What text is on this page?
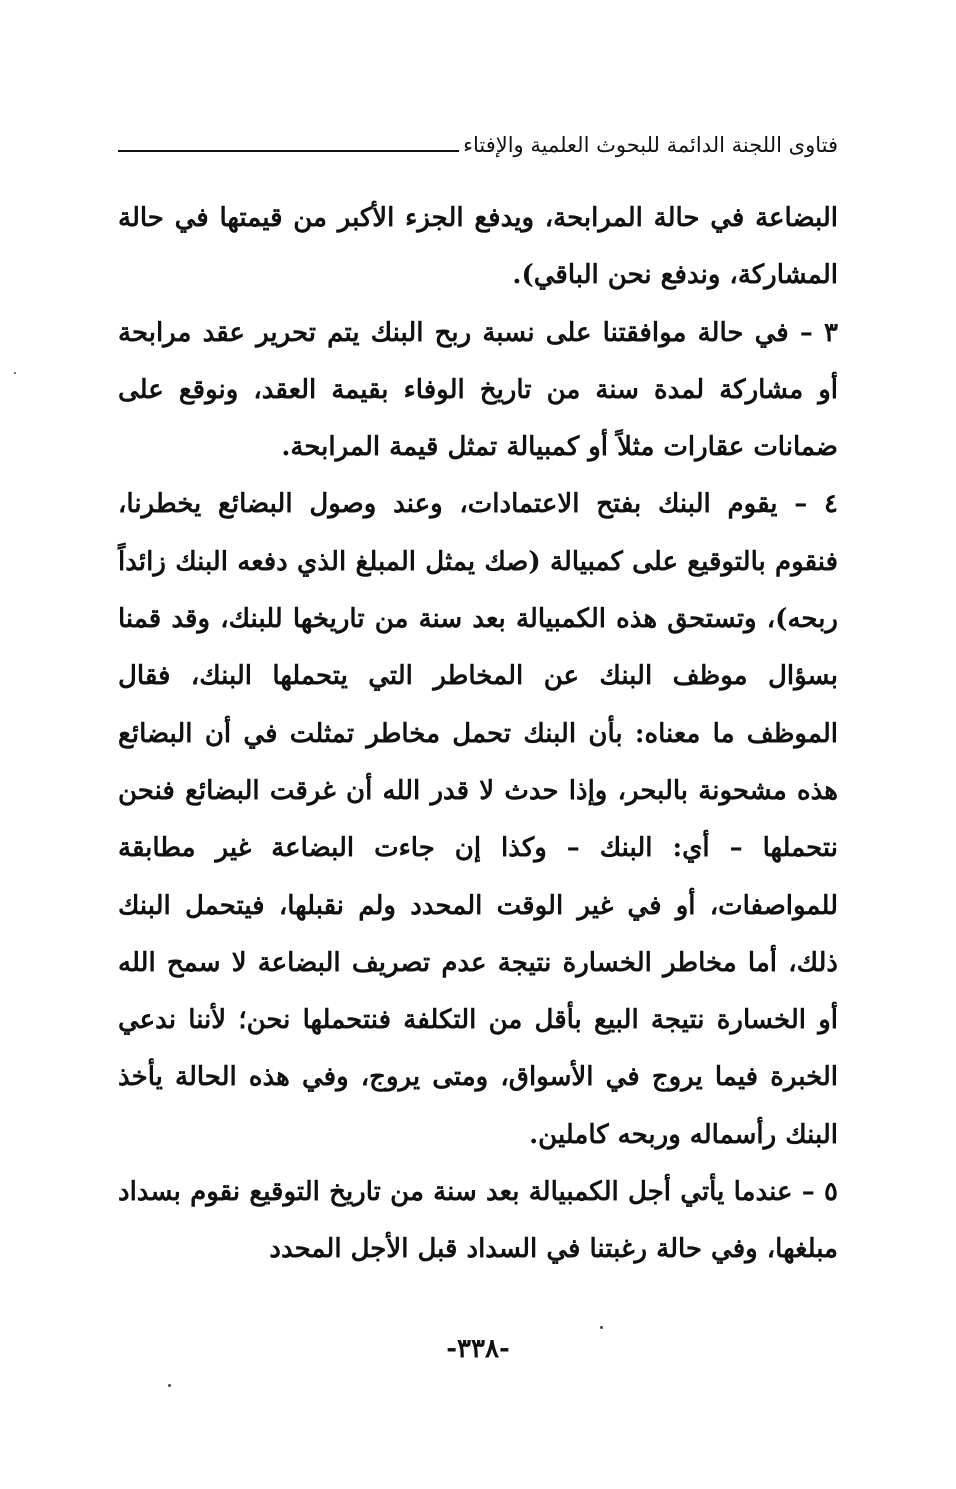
فتاوى اللجنة الدائمة للبحوث العلمية والإفتاء

البضاعة في حالة المرابحة، ويدفع الجزء الأكبر من قيمتها في حالة المشاركة، وندفع نحن الباقي).

٣ – في حالة موافقتنا على نسبة ربح البنك يتم تحرير عقد مرابحة أو مشاركة لمدة سنة من تاريخ الوفاء بقيمة العقد، ونوقع على ضمانات عقارات مثلاً أو كمبيالة تمثل قيمة المرابحة.

٤ – يقوم البنك بفتح الاعتمادات، وعند وصول البضائع يخطرنا، فنقوم بالتوقيع على كمبيالة (صك يمثل المبلغ الذي دفعه البنك زائداً ربحه)، وتستحق هذه الكمبيالة بعد سنة من تاريخها للبنك، وقد قمنا بسؤال موظف البنك عن المخاطر التي يتحملها البنك، فقال الموظف ما معناه: بأن البنك تحمل مخاطر تمثلت في أن البضائع هذه مشحونة بالبحر، وإذا حدث لا قدر الله أن غرقت البضائع فنحن نتحملها – أي: البنك – وكذا إن جاءت البضاعة غير مطابقة للمواصفات، أو في غير الوقت المحدد ولم نقبلها، فيتحمل البنك ذلك، أما مخاطر الخسارة نتيجة عدم تصريف البضاعة لا سمح الله أو الخسارة نتيجة البيع بأقل من التكلفة فنتحملها نحن؛ لأننا ندعي الخبرة فيما يروج في الأسواق، ومتى يروج، وفي هذه الحالة يأخذ البنك رأسماله وربحه كاملين.

٥ – عندما يأتي أجل الكمبيالة بعد سنة من تاريخ التوقيع نقوم بسداد مبلغها، وفي حالة رغبتنا في السداد قبل الأجل المحدد

-٣٣٨-
